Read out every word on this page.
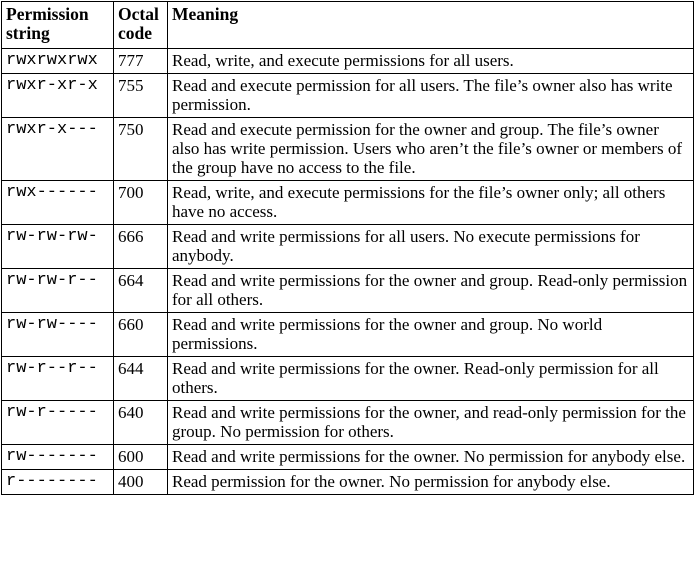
Permission string	Octal code	Meaning
rwxrwxrwx	777	Read, write, and execute permissions for all users.
rwxr-xr-x	755	Read and execute permission for all users. The file’s owner also has write permission.
rwxr-x---	750	Read and execute permission for the owner and group. The file’s owner also has write permission. Users who aren’t the file’s owner or members of the group have no access to the file.
rwx------	700	Read, write, and execute permissions for the file’s owner only; all others have no access.
rw-rw-rw-	666	Read and write permissions for all users. No execute permissions for anybody.
rw-rw-r--	664	Read and write permissions for the owner and group. Read-only permission for all others.
rw-rw----	660	Read and write permissions for the owner and group. No world permissions.
rw-r--r--	644	Read and write permissions for the owner. Read-only permission for all others.
rw-r-----	640	Read and write permissions for the owner, and read-only permission for the group. No permission for others.
rw-------	600	Read and write permissions for the owner. No permission for anybody else.
r--------	400	Read permission for the owner. No permission for anybody else.
